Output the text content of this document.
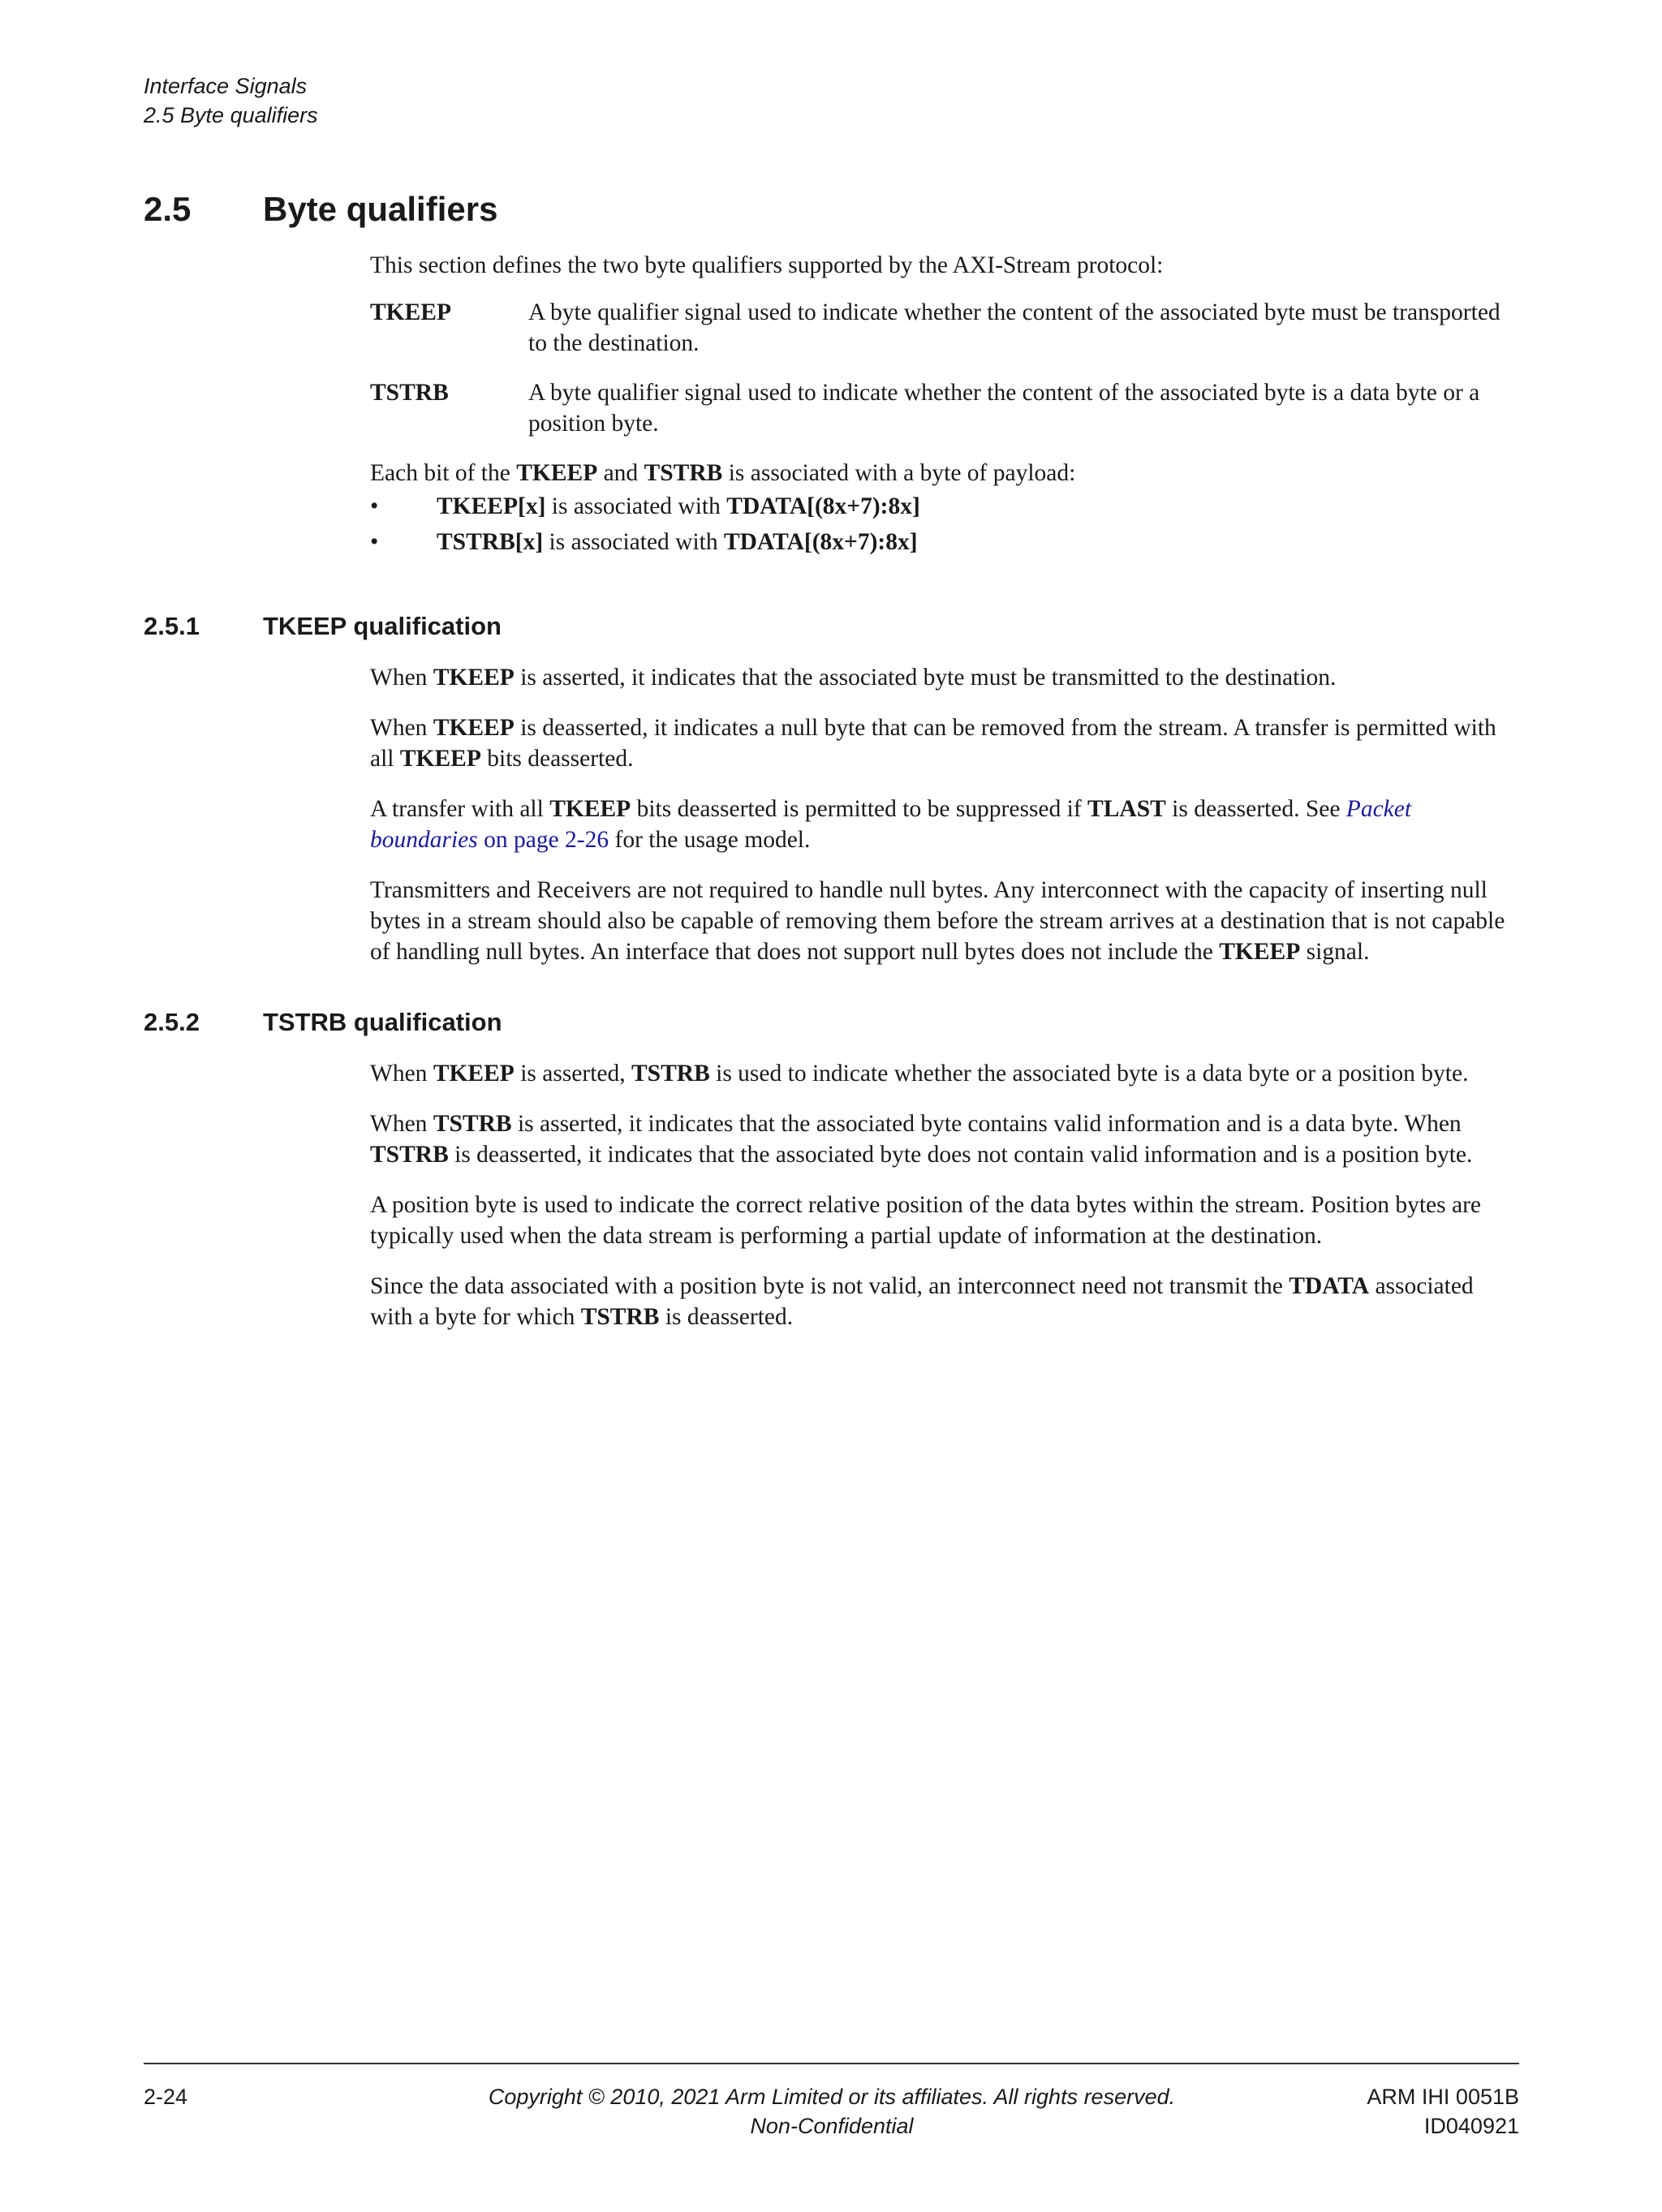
Interface Signals
2.5 Byte qualifiers
2.5 Byte qualifiers

This section defines the two byte qualifiers supported by the AXI-Stream protocol:

TKEEP	A byte qualifier signal used to indicate whether the content of the associated byte must be transported to the destination.
TSTRB	A byte qualifier signal used to indicate whether the content of the associated byte is a data byte or a position byte.

Each bit of the TKEEP and TSTRB is associated with a byte of payload:

•	TKEEP[x] is associated with TDATA[(8x+7):8x]
•	TSTRB[x] is associated with TDATA[(8x+7):8x]
2.5.1	TKEEP qualification

When TKEEP is asserted, it indicates that the associated byte must be transmitted to the destination.

When TKEEP is deasserted, it indicates a null byte that can be removed from the stream. A transfer is permitted with all TKEEP bits deasserted.

A transfer with all TKEEP bits deasserted is permitted to be suppressed if TLAST is deasserted. See Packet boundaries on page 2-26 for the usage model.

Transmitters and Receivers are not required to handle null bytes. Any interconnect with the capacity of inserting null bytes in a stream should also be capable of removing them before the stream arrives at a destination that is not capable of handling null bytes. An interface that does not support null bytes does not include the TKEEP signal.

2.5.2	TSTRB qualification

When TKEEP is asserted, TSTRB is used to indicate whether the associated byte is a data byte or a position byte.

When TSTRB is asserted, it indicates that the associated byte contains valid information and is a data byte. When TSTRB is deasserted, it indicates that the associated byte does not contain valid information and is a position byte.

A position byte is used to indicate the correct relative position of the data bytes within the stream. Position bytes are typically used when the data stream is performing a partial update of information at the destination.

Since the data associated with a position byte is not valid, an interconnect need not transmit the TDATA associated with a byte for which TSTRB is deasserted.

2-24	Copyright © 2010, 2021 Arm Limited or its affiliates. All rights reserved.
Non-Confidential
ARM IHI 0051B
ID040921
